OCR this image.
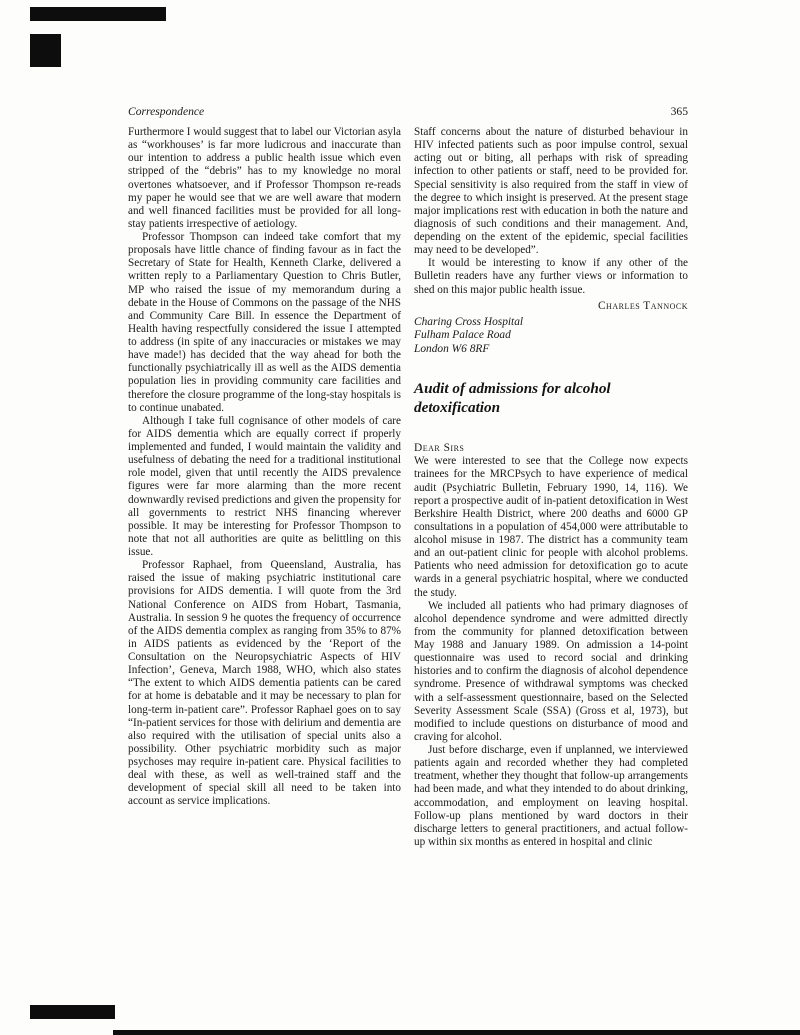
Correspondence	365

Furthermore I would suggest that to label our Victorian asyla as “workhouses’ is far more ludicrous and inaccurate than our intention to address a public health issue which even stripped of the “debris” has to my knowledge no moral overtones whatsoever, and if Professor Thompson re-reads my paper he would see that we are well aware that modern and well financed facilities must be provided for all long-stay patients irrespective of aetiology.

Professor Thompson can indeed take comfort that my proposals have little chance of finding favour as in fact the Secretary of State for Health, Kenneth Clarke, delivered a written reply to a Parliamentary Question to Chris Butler, MP who raised the issue of my memorandum during a debate in the House of Commons on the passage of the NHS and Community Care Bill. In essence the Department of Health having respectfully considered the issue I attempted to address (in spite of any inaccuracies or mistakes we may have made!) has decided that the way ahead for both the functionally psychiatrically ill as well as the AIDS dementia population lies in providing community care facilities and therefore the closure programme of the long-stay hospitals is to continue unabated.

Although I take full cognisance of other models of care for AIDS dementia which are equally correct if properly implemented and funded, I would maintain the validity and usefulness of debating the need for a traditional institutional role model, given that until recently the AIDS prevalence figures were far more alarming than the more recent downwardly revised predictions and given the propensity for all governments to restrict NHS financing wherever possible. It may be interesting for Professor Thompson to note that not all authorities are quite as belittling on this issue.

Professor Raphael, from Queensland, Australia, has raised the issue of making psychiatric institutional care provisions for AIDS dementia. I will quote from the 3rd National Conference on AIDS from Hobart, Tasmania, Australia. In session 9 he quotes the frequency of occurrence of the AIDS dementia complex as ranging from 35% to 87% in AIDS patients as evidenced by the ‘Report of the Consultation on the Neuropsychiatric Aspects of HIV Infection’, Geneva, March 1988, WHO, which also states “The extent to which AIDS dementia patients can be cared for at home is debatable and it may be necessary to plan for long-term in-patient care”. Professor Raphael goes on to say “In-patient services for those with delirium and dementia are also required with the utilisation of special units also a possibility. Other psychiatric morbidity such as major psychoses may require in-patient care. Physical facilities to deal with these, as well as well-trained staff and the development of special skill all need to be taken into account as service implications.

Staff concerns about the nature of disturbed behaviour in HIV infected patients such as poor impulse control, sexual acting out or biting, all perhaps with risk of spreading infection to other patients or staff, need to be provided for. Special sensitivity is also required from the staff in view of the degree to which insight is preserved. At the present stage major implications rest with education in both the nature and diagnosis of such conditions and their management. And, depending on the extent of the epidemic, special facilities may need to be developed”.

It would be interesting to know if any other of the Bulletin readers have any further views or information to shed on this major public health issue.

Charles Tannock
Charing Cross Hospital
Fulham Palace Road
London W6 8RF
Audit of admissions for alcohol detoxification
Dear Sirs

We were interested to see that the College now expects trainees for the MRCPsych to have experience of medical audit (Psychiatric Bulletin, February 1990, 14, 116). We report a prospective audit of in-patient detoxification in West Berkshire Health District, where 200 deaths and 6000 GP consultations in a population of 454,000 were attributable to alcohol misuse in 1987. The district has a community team and an out-patient clinic for people with alcohol problems. Patients who need admission for detoxification go to acute wards in a general psychiatric hospital, where we conducted the study.

We included all patients who had primary diagnoses of alcohol dependence syndrome and were admitted directly from the community for planned detoxification between May 1988 and January 1989. On admission a 14-point questionnaire was used to record social and drinking histories and to confirm the diagnosis of alcohol dependence syndrome. Presence of withdrawal symptoms was checked with a self-assessment questionnaire, based on the Selected Severity Assessment Scale (SSA) (Gross et al, 1973), but modified to include questions on disturbance of mood and craving for alcohol.

Just before discharge, even if unplanned, we interviewed patients again and recorded whether they had completed treatment, whether they thought that follow-up arrangements had been made, and what they intended to do about drinking, accommodation, and employment on leaving hospital. Follow-up plans mentioned by ward doctors in their discharge letters to general practitioners, and actual follow-up within six months as entered in hospital and clinic
